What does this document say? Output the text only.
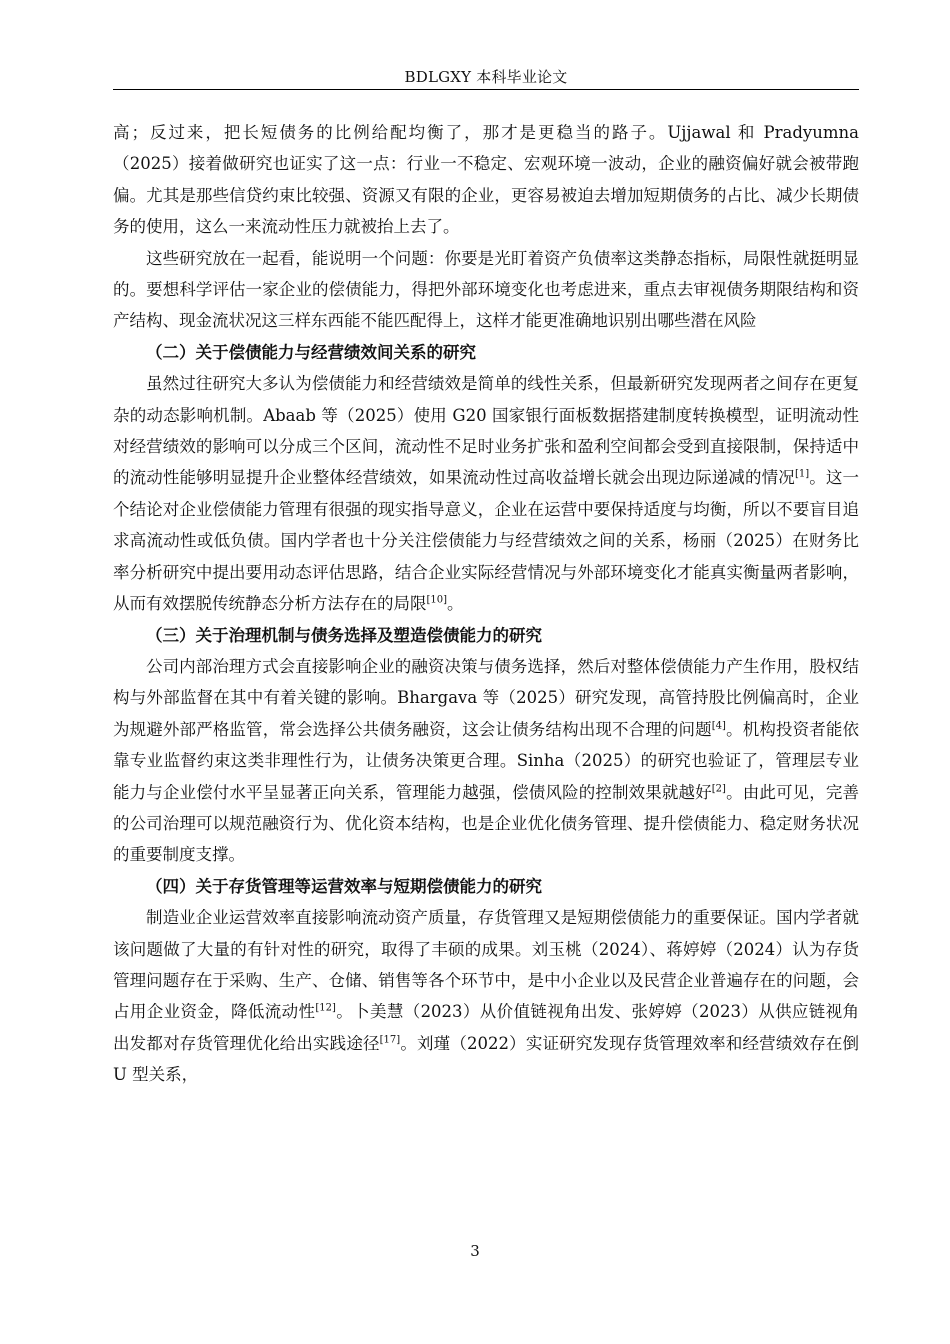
BDLGXY 本科毕业论文

高；反过来，把长短债务的比例给配均衡了，那才是更稳当的路子。Ujjawal 和 Pradyumna（2025）接着做研究也证实了这一点：行业一不稳定、宏观环境一波动，企业的融资偏好就会被带跑偏。尤其是那些信贷约束比较强、资源又有限的企业，更容易被迫去增加短期债务的占比、减少长期债务的使用，这么一来流动性压力就被抬上去了。

这些研究放在一起看，能说明一个问题：你要是光盯着资产负债率这类静态指标，局限性就挺明显的。要想科学评估一家企业的偿债能力，得把外部环境变化也考虑进来，重点去审视债务期限结构和资产结构、现金流状况这三样东西能不能匹配得上，这样才能更准确地识别出哪些潜在风险

（二）关于偿债能力与经营绩效间关系的研究

虽然过往研究大多认为偿债能力和经营绩效是简单的线性关系，但最新研究发现两者之间存在更复杂的动态影响机制。Abaab 等（2025）使用 G20 国家银行面板数据搭建制度转换模型，证明流动性对经营绩效的影响可以分成三个区间，流动性不足时业务扩张和盈利空间都会受到直接限制，保持适中的流动性能够明显提升企业整体经营绩效，如果流动性过高收益增长就会出现边际递减的情况[1]。这一个结论对企业偿债能力管理有很强的现实指导意义，企业在运营中要保持适度与均衡，所以不要盲目追求高流动性或低负债。国内学者也十分关注偿债能力与经营绩效之间的关系，杨丽（2025）在财务比率分析研究中提出要用动态评估思路，结合企业实际经营情况与外部环境变化才能真实衡量两者影响，从而有效摆脱传统静态分析方法存在的局限[10]。

（三）关于治理机制与债务选择及塑造偿债能力的研究

公司内部治理方式会直接影响企业的融资决策与债务选择，然后对整体偿债能力产生作用，股权结构与外部监督在其中有着关键的影响。Bhargava 等（2025）研究发现，高管持股比例偏高时，企业为规避外部严格监管，常会选择公共债务融资，这会让债务结构出现不合理的问题[4]。机构投资者能依靠专业监督约束这类非理性行为，让债务决策更合理。Sinha（2025）的研究也验证了，管理层专业能力与企业偿付水平呈显著正向关系，管理能力越强，偿债风险的控制效果就越好[2]。由此可见，完善的公司治理可以规范融资行为、优化资本结构，也是企业优化债务管理、提升偿债能力、稳定财务状况的重要制度支撑。

（四）关于存货管理等运营效率与短期偿债能力的研究

制造业企业运营效率直接影响流动资产质量，存货管理又是短期偿债能力的重要保证。国内学者就该问题做了大量的有针对性的研究，取得了丰硕的成果。刘玉桃（2024）、蒋婷婷（2024）认为存货管理问题存在于采购、生产、仓储、销售等各个环节中，是中小企业以及民营企业普遍存在的问题，会占用企业资金，降低流动性[12]。卜美慧（2023）从价值链视角出发、张婷婷（2023）从供应链视角出发都对存货管理优化给出实践途径[17]。刘瑾（2022）实证研究发现存货管理效率和经营绩效存在倒 U 型关系，

3
